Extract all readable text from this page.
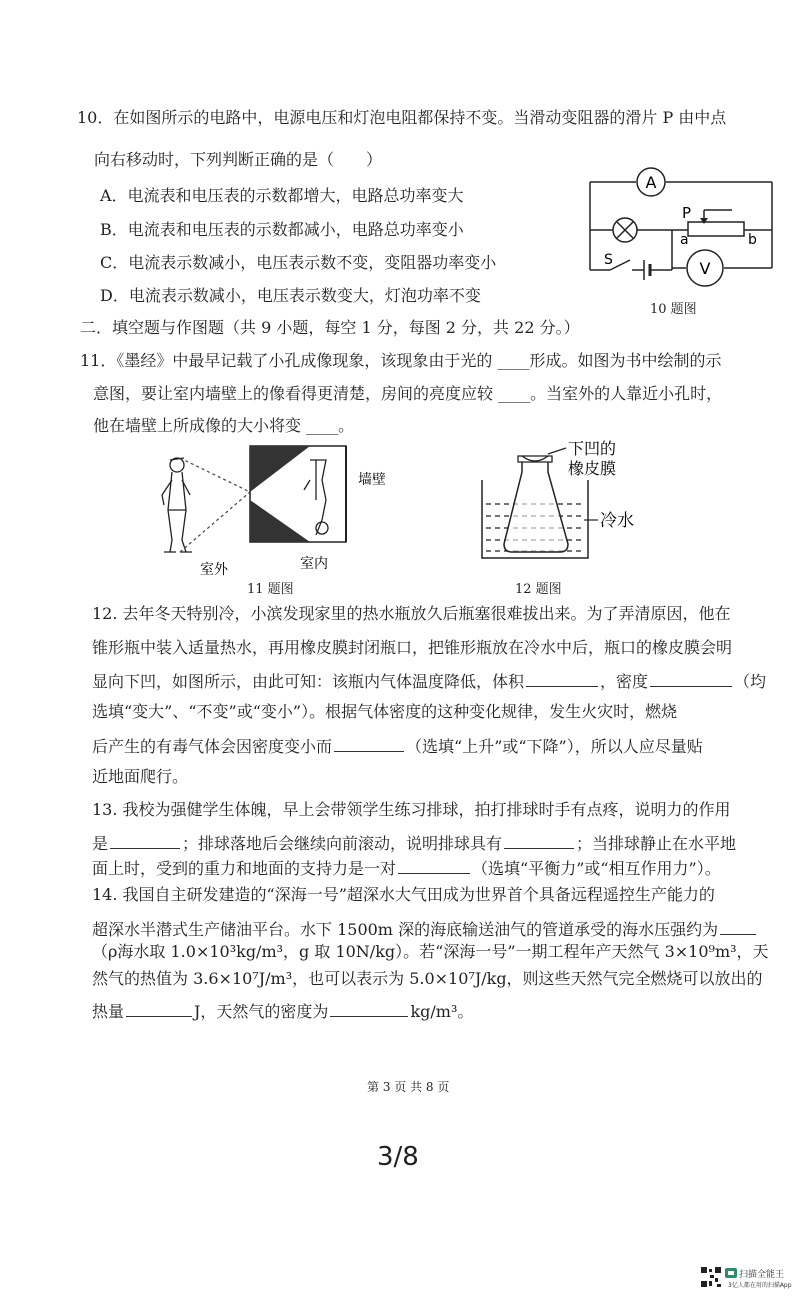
10．在如图所示的电路中，电源电压和灯泡电阻都保持不变。当滑动变阻器的滑片 P 由中点
向右移动时，下列判断正确的是（　　）
A．电流表和电压表的示数都增大，电路总功率变大
B．电流表和电压表的示数都减小，电路总功率变小
C．电流表示数减小，电压表示数不变，变阻器功率变小
D．电流表示数减小，电压表示数变大，灯泡功率不变
A
V
P
a	b
S
10 题图
二．填空题与作图题（共 9 小题，每空 1 分，每图 2 分，共 22 分。）
11．《墨经》中最早记载了小孔成像现象，该现象由于光的 ____形成。如图为书中绘制的示
意图，要让室内墙壁上的像看得更清楚，房间的亮度应较 ____。当室外的人靠近小孔时，
他在墙壁上所成像的大小将变 ____。
墙壁
室外	室内
11 题图
下凹的
橡皮膜
冷水
12 题图
12. 去年冬天特别冷，小滨发现家里的热水瓶放久后瓶塞很难拔出来。为了弄清原因，他在
锥形瓶中装入适量热水，再用橡皮膜封闭瓶口，把锥形瓶放在冷水中后，瓶口的橡皮膜会明
显向下凹，如图所示，由此可知：该瓶内气体温度降低，体积	，密度	（均
选填“变大”、“不变”或“变小”）。根据气体密度的这种变化规律，发生火灾时，燃烧
后产生的有毒气体会因密度变小而	（选填“上升”或“下降”），所以人应尽量贴
近地面爬行。
13. 我校为强健学生体魄，早上会带领学生练习排球，拍打排球时手有点疼，说明力的作用
是	；排球落地后会继续向前滚动，说明排球具有	；当排球静止在水平地
面上时，受到的重力和地面的支持力是一对	（选填“平衡力”或“相互作用力”）。
14. 我国自主研发建造的“深海一号”超深水大气田成为世界首个具备远程遥控生产能力的
超深水半潜式生产储油平台。水下 1500m 深的海底输送油气的管道承受的海水压强约为
（ρ海水取 1.0×10³kg/m³，g 取 10N/kg）。若“深海一号”一期工程年产天然气 3×10⁹m³，天
然气的热值为 3.6×10⁷J/m³，也可以表示为 5.0×10⁷J/kg，则这些天然气完全燃烧可以放出的
热量	J，天然气的密度为	kg/m³。
第 3 页 共 8 页
3/8
扫描全能王
3亿人都在用的扫描App
